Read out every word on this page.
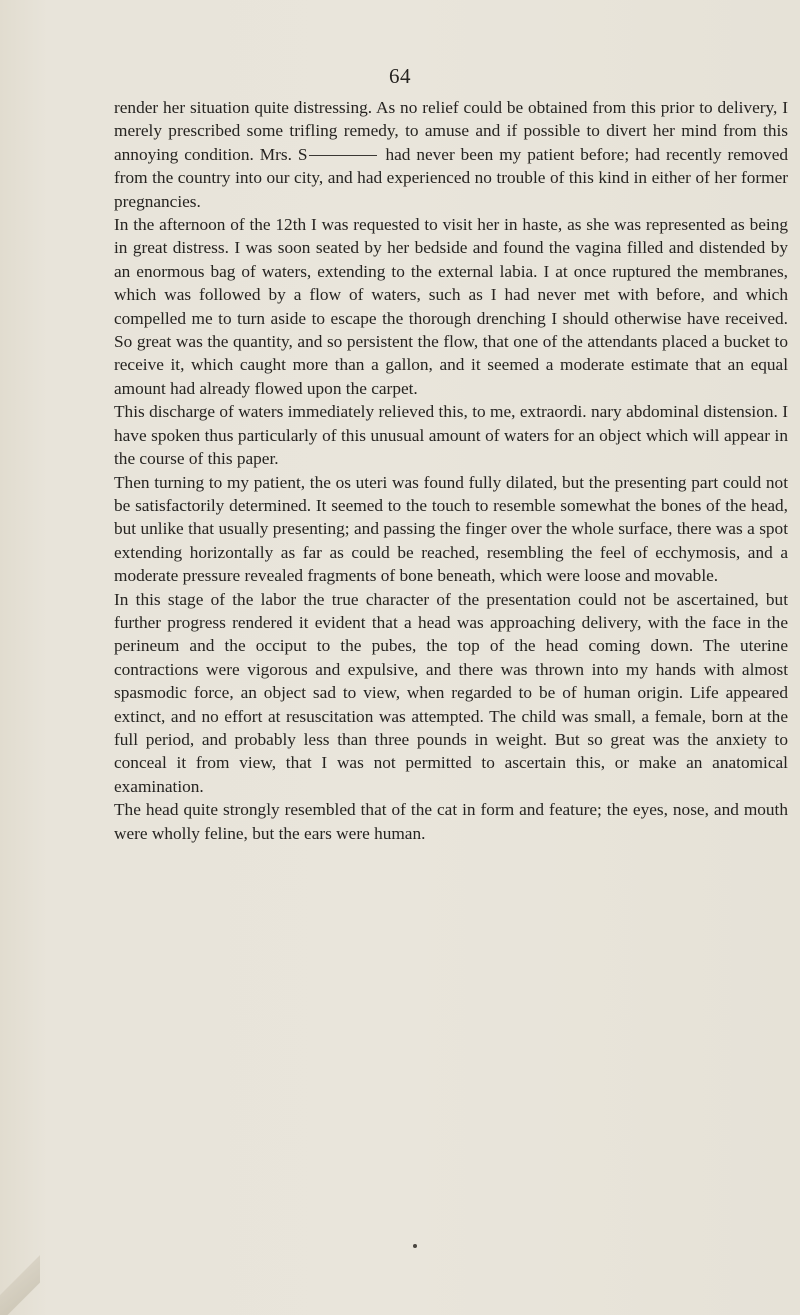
64

render her situation quite distressing. As no relief could be obtained from this prior to delivery, I merely prescribed some trifling remedy, to amuse and if possible to divert her mind from this annoying condition. Mrs. S	had never been my patient before; had recently removed from the country into our city, and had experienced no trouble of this kind in either of her former pregnancies.

In the afternoon of the 12th I was requested to visit her in haste, as she was represented as being in great distress. I was soon seated by her bedside and found the vagina filled and distended by an enormous bag of waters, extending to the external labia. I at once ruptured the membranes, which was followed by a flow of waters, such as I had never met with before, and which compelled me to turn aside to escape the thorough drenching I should otherwise have received. So great was the quantity, and so persistent the flow, that one of the attendants placed a bucket to receive it, which caught more than a gallon, and it seemed a moderate estimate that an equal amount had already flowed upon the carpet.

This discharge of waters immediately relieved this, to me, extraordi. nary abdominal distension. I have spoken thus particularly of this unusual amount of waters for an object which will appear in the course of this paper.

Then turning to my patient, the os uteri was found fully dilated, but the presenting part could not be satisfactorily determined. It seemed to the touch to resemble somewhat the bones of the head, but unlike that usually presenting; and passing the finger over the whole surface, there was a spot extending horizontally as far as could be reached, resembling the feel of ecchymosis, and a moderate pressure revealed fragments of bone beneath, which were loose and movable.

In this stage of the labor the true character of the presentation could not be ascertained, but further progress rendered it evident that a head was approaching delivery, with the face in the perineum and the occiput to the pubes, the top of the head coming down. The uterine contractions were vigorous and expulsive, and there was thrown into my hands with almost spasmodic force, an object sad to view, when regarded to be of human origin. Life appeared extinct, and no effort at resuscitation was attempted. The child was small, a female, born at the full period, and probably less than three pounds in weight. But so great was the anxiety to conceal it from view, that I was not permitted to ascertain this, or make an anatomical examination.

The head quite strongly resembled that of the cat in form and feature; the eyes, nose, and mouth were wholly feline, but the ears were human.
